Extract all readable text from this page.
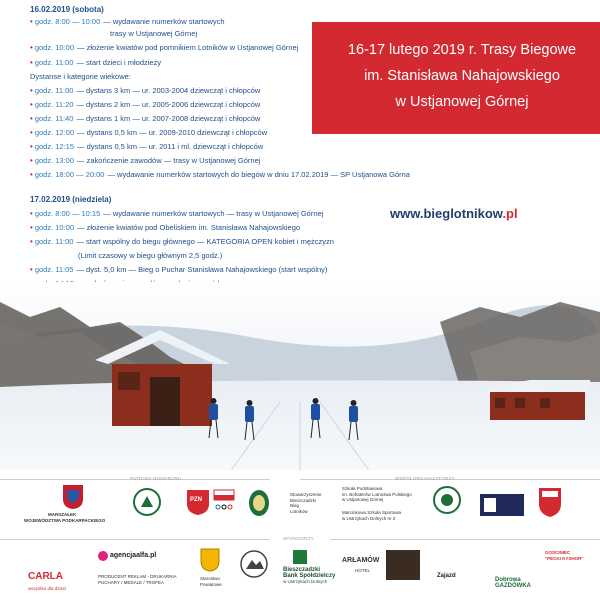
16.02.2019 (sobota)
• godz. 8:00 — 10:00 — wydawanie numerków startowych
trasy w Ustjanowej Górnej
• godz. 10:00 — złożenie kwiatów pod pomnikiem Lotników w Ustjanowej Górnej
• godz. 11:00 — start dzieci i młodzieży
Dystanse i kategorie wiekowe:
• godz. 11:00 — dystans 3 km — ur. 2003-2004 dziewcząt i chłopców
• godz. 11:20 — dystans 2 km — ur. 2005-2006 dziewcząt i chłopców
• godz. 11:40 — dystans 1 km — ur. 2007-2008 dziewcząt i chłopców
• godz. 12:00 — dystans 0,5 km — ur. 2009-2010 dziewcząt i chłopców
• godz. 12:15 — dystans 0,5 km — ur. 2011 i ml. dziewcząt i chłopców
• godz. 13:00 — zakończenie zawodów — trasy w Ustjanowej Górnej
• godz. 18:00 — 20:00 — wydawanie numerków startowych do biegów w dniu 17.02.2019 — SP Ustjanowa Górna
17.02.2019 (niedziela)
• godz. 8:00 — 10:15 — wydawanie numerków startowych — trasy w Ustjanowej Górnej
• godz. 10:00 — złożenie kwiatów pod Obeliskiem im. Stanisława Nahajowskiego
• godz. 11:00 — start wspólny do biegu głównego — KATEGORIA OPEN kobiet i mężczyzn
(Limit czasowy w biegu głównym 2,5 godz.)
• godz. 11:05 — dyst. 5,0 km — Bieg o Puchar Stanisława Nahajowskiego (start wspólny)
16-17 lutego 2019 r. Trasy Biegowe
im. Stanisława Nahajowskiego
w Ustjanowej Górnej
www.bieglotnikow.pl
PATRONI HONOROWI	WSPÓŁORGANIZATORZY
MARSZAŁEK
WOJEWÓDZTWA PODKARPACKIEGO
PZN
Stowarzyszenie
Bieszczadzki
Bieg
Lotników
Szkoła Podstawowa
im. Bohaterów Lotnictwa Polskiego
w Ustjanowej Górnej
Marcinkowa Szkoła Sportowa
w Ustrzykach Dolnych nr 2
SPONSORZY
CARLA
wszystko dla dzieci
agencjaalfa.pl
PRODUCENT REKLAM - DRUKARNIA
PUCHARY / MEDALE / TROFEA
Starostwo
Powiatowe
Bieszczadzki
Bank Spółdzielczy
w Ustrzykach Dolnych
ARŁAMÓW
HOTEL
DANFARM
Zajazd
Dobrowa
GAZDÓWKA
GOŚCINIEC
"PECKI KYSHOR"
